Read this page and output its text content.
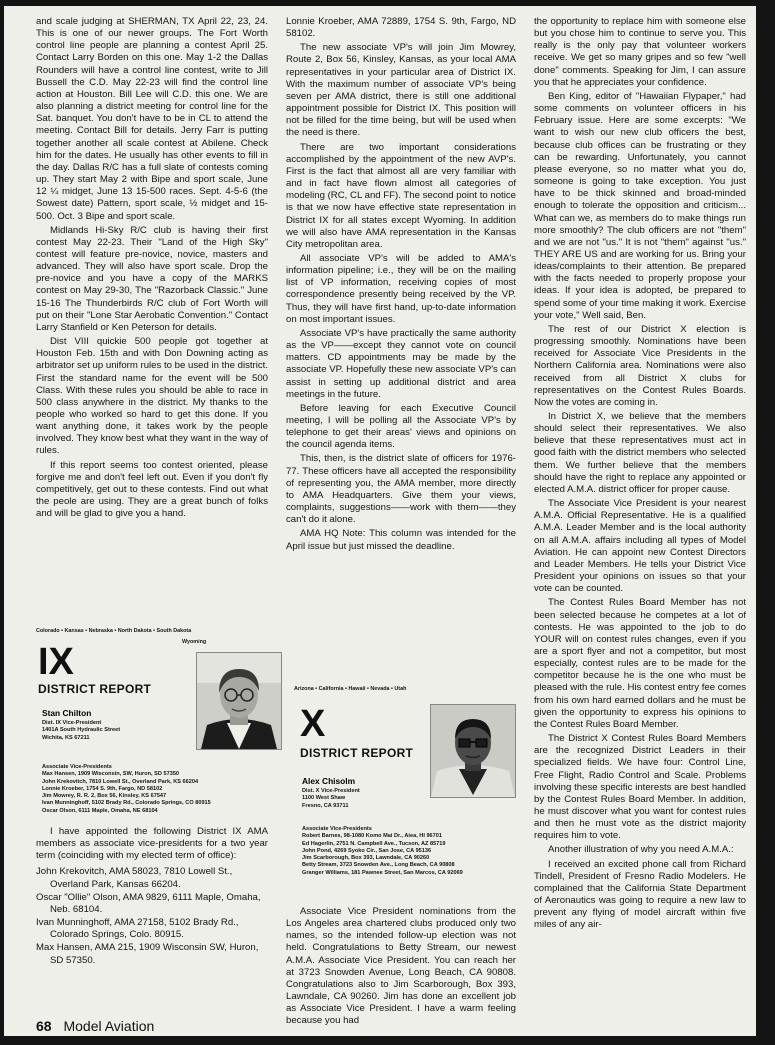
and scale judging at SHERMAN, TX April 22, 23, 24. This is one of our newer groups. The Fort Worth control line people are planning a contest April 25. Contact Larry Borden on this one. May 1-2 the Dallas Rounders will have a control line contest, write to Jill Bussell the C.D. May 22-23 will find the control line action at Houston. Bill Lee will C.D. this one. We are also planning a district meeting for control line for the Sat. banquet. You don't have to be in CL to attend the meeting. Contact Bill for details. Jerry Farr is putting together another all scale contest at Abilene. Check him for the dates. He usually has other events to fill in the day. Dallas R/C has a full slate of contests coming up. They start May 2 with Bipe and sport scale, June 12 ¼ midget, June 13 15-500 races. Sept. 4-5-6 (the Sowest date) Pattern, sport scale, ½ midget and 15-500. Oct. 3 Bipe and sport scale.

Midlands Hi-Sky R/C club is having their first contest May 22-23. Their "Land of the High Sky" contest will feature pre-novice, novice, masters and advanced. They will also have sport scale. Drop the pre-novice and you have a copy of the MARKS contest on May 29-30, The "Razorback Classic." June 15-16 The Thunderbirds R/C club of Fort Worth will put on their "Lone Star Aerobatic Convention." Contact Larry Stanfield or Ken Peterson for details.

Dist VIII quickie 500 people got together at Houston Feb. 15th and with Don Downing acting as arbitrator set up uniform rules to be used in the district. First the standard name for the event will be 500 Class. With these rules you should be able to race in 500 class anywhere in the district. My thanks to the people who worked so hard to get this done. If you want anything done, it takes work by the people involved. They know best what they want in the way of rules.

If this report seems too contest oriented, please forgive me and don't feel left out. Even if you don't fly competitively, get out to these contests. Find out what the peole are using. They are a great bunch of folks and will be glad to give you a hand.

Lonnie Kroeber, AMA 72889, 1754 S. 9th, Fargo, ND 58102.

The new associate VP's will join Jim Mowrey, Route 2, Box 56, Kinsley, Kansas, as your local AMA representatives in your particular area of District IX. With the maximum number of associate VP's being seven per AMA district, there is still one additional appointment possible for District IX. This position will not be filled for the time being, but will be used when the need is there.

There are two important considerations accomplished by the appointment of the new AVP's. First is the fact that almost all are very familiar with and in fact have flown almost all categories of modeling (RC, CL and FF). The second point to notice is that we now have effective state representation in District IX for all states except Wyoming. In addition we will also have AMA representation in the Kansas City metropolitan area.

All associate VP's will be added to AMA's information pipeline; i.e., they will be on the mailing list of VP information, receiving copies of most correspondence presently being received by the VP. Thus, they will have first hand, up-to-date information on most important issues.

Associate VP's have practically the same authority as the VP——except they cannot vote on council matters. CD appointments may be made by the associate VP. Hopefully these new associate VP's can assist in setting up additional district and area meetings in the future.

Before leaving for each Executive Council meeting, I will be polling all the Associate VP's by telephone to get their areas' views and opinions on the council agenda items.

This, then, is the district slate of officers for 1976-77. These officers have all accepted the responsibility of representing you, the AMA member, more directly to AMA Headquarters. Give them your views, complaints, suggestions——work with them——they can't do it alone.

AMA HQ Note: This column was intended for the April issue but just missed the deadline.

the opportunity to replace him with someone else but you chose him to continue to serve you. This really is the only pay that volunteer workers receive. We get so many gripes and so few "well done" comments. Speaking for Jim, I can assure you that he appreciates your confidence.

Ben King, editor of "Hawaiian Flypaper," had some comments on volunteer officers in his February issue. Here are some excerpts: "We want to wish our new club officers the best, because club offices can be frustrating or they can be rewarding. Unfortunately, you cannot please everyone, so no matter what you do, someone is going to take exception. You just have to be thick skinned and broad-minded enough to tolerate the opposition and criticism... What can we, as members do to make things run more smoothly? The club officers are not "them" and we are not "us." It is not "them" against "us." THEY ARE US and are working for us. Bring your ideas/complaints to their attention. Be prepared with the facts needed to properly propose your ideas. If your idea is adopted, be prepared to spend some of your time making it work. Exercise your vote," Well said, Ben.

The rest of our District X election is progressing smoothly. Nominations have been received for Associate Vice Presidents in the Northern California area. Nominations were also received from all District X clubs for representatives on the Contest Rules Boards. Now the votes are coming in.

In District X, we believe that the members should select their representatives. We also believe that these representatives must act in good faith with the district members who selected them. We further believe that the members should have the right to replace any appointed or elected A.M.A. district officer for proper cause.

The Associate Vice President is your nearest A.M.A. Official Representative. He is a qualified A.M.A. Leader Member and is the local authority on all A.M.A. affairs including all types of Model Aviation. He can appoint new Contest Directors and Leader Members. He tells your District Vice President your opinions on issues so that your vote can be counted.

The Contest Rules Board Member has not been selected because he competes at a lot of contests. He was appointed to the job to do YOUR will on contest rules changes, even if you are a sport flyer and not a competitor, but most especially, contest rules are to be made for the competitor because he is the one who must be pleased with the rule. His contest entry fee comes from his own hard earned dollars and he must be given the opportunity to express his opinions to the Contest Rules Board Member.

The District X Contest Rules Board Members are the recognized District Leaders in their specialized fields. We have four: Control Line, Free Flight, Radio Control and Scale. Problems involving these specific interests are best handled by the Contest Rules Board Member. In addition, he must discover what you want for contest rules and then he must vote as the district majority requires him to vote.

Another illustration of why you need A.M.A.:

I received an excited phone call from Richard Tindell, President of Fresno Radio Modelers. He complained that the California State Department of Aeronautics was going to require a new law to prevent any flying of model aircraft within five miles of any air-

Colorado • Kansas • Nebraska • North Dakota • South Dakota
Wyoming
IX
DISTRICT REPORT
Stan Chilton
Dist. IX Vice-President
1401A South Hydraulic Street
Wichita, KS 67211
Associate Vice-Presidents
Max Hansen, 1909 Wisconsin, SW, Huron, SD 57350
John Krekovitch, 7810 Lowell St., Overland Park, KS 66204
Lonnie Kroeber, 1754 S. 9th, Fargo, ND 58102
Jim Mowrey, R. R. 2, Box 56, Kinsley, KS 67547
Ivan Munninghoff, 5102 Brady Rd., Colorado Springs, CO 80915
Oscar Olson, 6111 Maple, Omaha, NE 68104

I have appointed the following District IX AMA members as associate vice-presidents for a two year term (coinciding with my elected term of office):

John Krekovitch, AMA 58023, 7810 Lowell St., Overland Park, Kansas 66204.
Oscar "Ollie" Olson, AMA 9829, 6111 Maple, Omaha, Neb. 68104.
Ivan Munninghoff, AMA 27158, 5102 Brady Rd., Colorado Springs, Colo. 80915.
Max Hansen, AMA 215, 1909 Wisconsin SW, Huron, SD 57350.
Arizona • California • Hawaii • Nevada • Utah
X
DISTRICT REPORT
Alex Chisolm
Dist. X Vice-President
1100 West Shaw
Fresno, CA 93711
Associate Vice-Presidents
Robert Barnes, 98-1080 Komo Mai Dr., Aiea, HI 96701
Ed Hagerlin, 2751 N. Campbell Ave., Tucson, AZ 85719
John Pond, 4269 Syoko Cir., San Jose, CA 95136
Jim Scarborough, Box 393, Lawndale, CA 90260
Betty Stream, 3723 Snowden Ave., Long Beach, CA 90808
Granger Williams, 181 Pawnee Street, San Marcos, CA 92069

Associate Vice President nominations from the Los Angeles area chartered clubs produced only two names, so the intended follow-up election was not held. Congratulations to Betty Stream, our newest A.M.A. Associate Vice President. You can reach her at 3723 Snowden Avenue, Long Beach, CA 90808. Congratulations also to Jim Scarborough, Box 393, Lawndale, CA 90260. Jim has done an excellent job as Associate Vice President. I have a warm feeling because you had

68 Model Aviation
